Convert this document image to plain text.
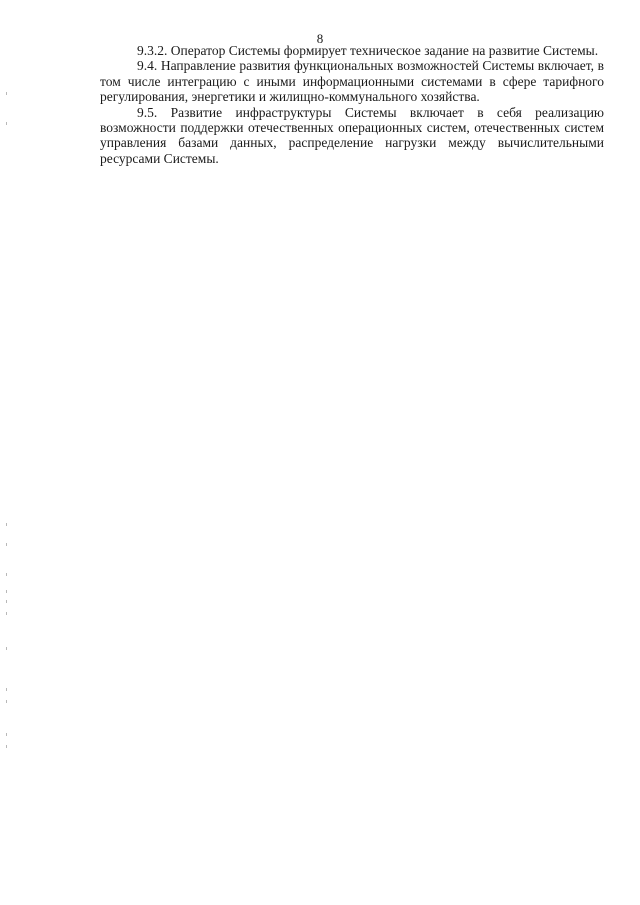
8

9.3.2. Оператор Системы формирует техническое задание на развитие Системы.

9.4. Направление развития функциональных возможностей Системы включает, в том числе интеграцию с иными информационными системами в сфере тарифного регулирования, энергетики и жилищно-коммунального хозяйства.

9.5. Развитие инфраструктуры Системы включает в себя реализацию возможности поддержки отечественных операционных систем, отечественных систем управления базами данных, распределение нагрузки между вычислительными ресурсами Системы.
